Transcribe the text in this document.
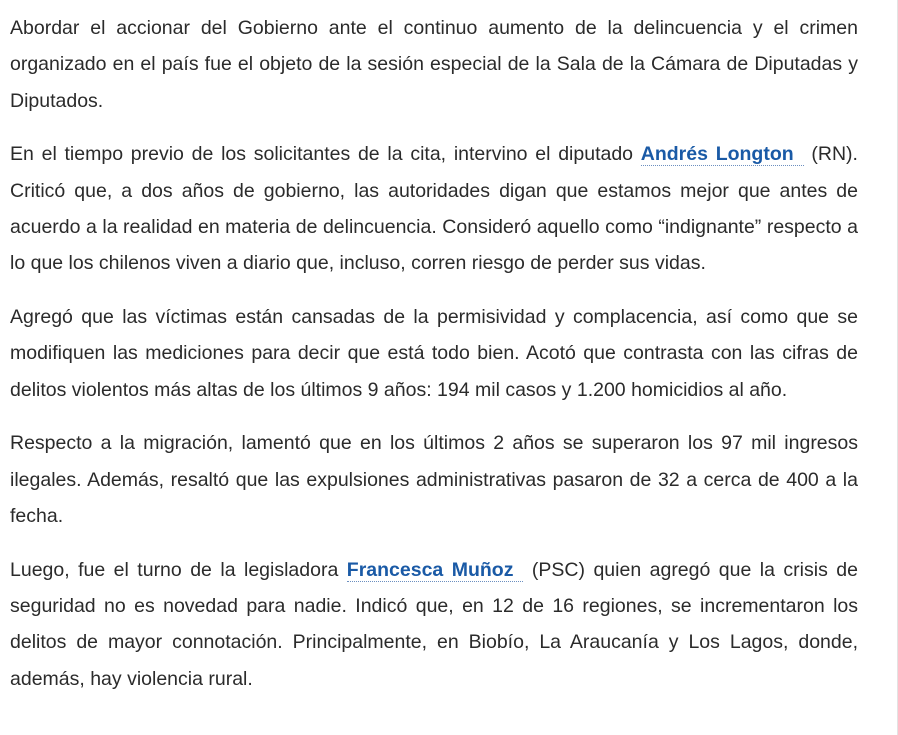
Abordar el accionar del Gobierno ante el continuo aumento de la delincuencia y el crimen organizado en el país fue el objeto de la sesión especial de la Sala de la Cámara de Diputadas y Diputados.

En el tiempo previo de los solicitantes de la cita, intervino el diputado Andrés Longton (RN). Criticó que, a dos años de gobierno, las autoridades digan que estamos mejor que antes de acuerdo a la realidad en materia de delincuencia. Consideró aquello como “indignante” respecto a lo que los chilenos viven a diario que, incluso, corren riesgo de perder sus vidas.

Agregó que las víctimas están cansadas de la permisividad y complacencia, así como que se modifiquen las mediciones para decir que está todo bien. Acotó que contrasta con las cifras de delitos violentos más altas de los últimos 9 años: 194 mil casos y 1.200 homicidios al año.

Respecto a la migración, lamentó que en los últimos 2 años se superaron los 97 mil ingresos ilegales. Además, resaltó que las expulsiones administrativas pasaron de 32 a cerca de 400 a la fecha.

Luego, fue el turno de la legisladora Francesca Muñoz (PSC) quien agregó que la crisis de seguridad no es novedad para nadie. Indicó que, en 12 de 16 regiones, se incrementaron los delitos de mayor connotación. Principalmente, en Biobío, La Araucanía y Los Lagos, donde, además, hay violencia rural.
